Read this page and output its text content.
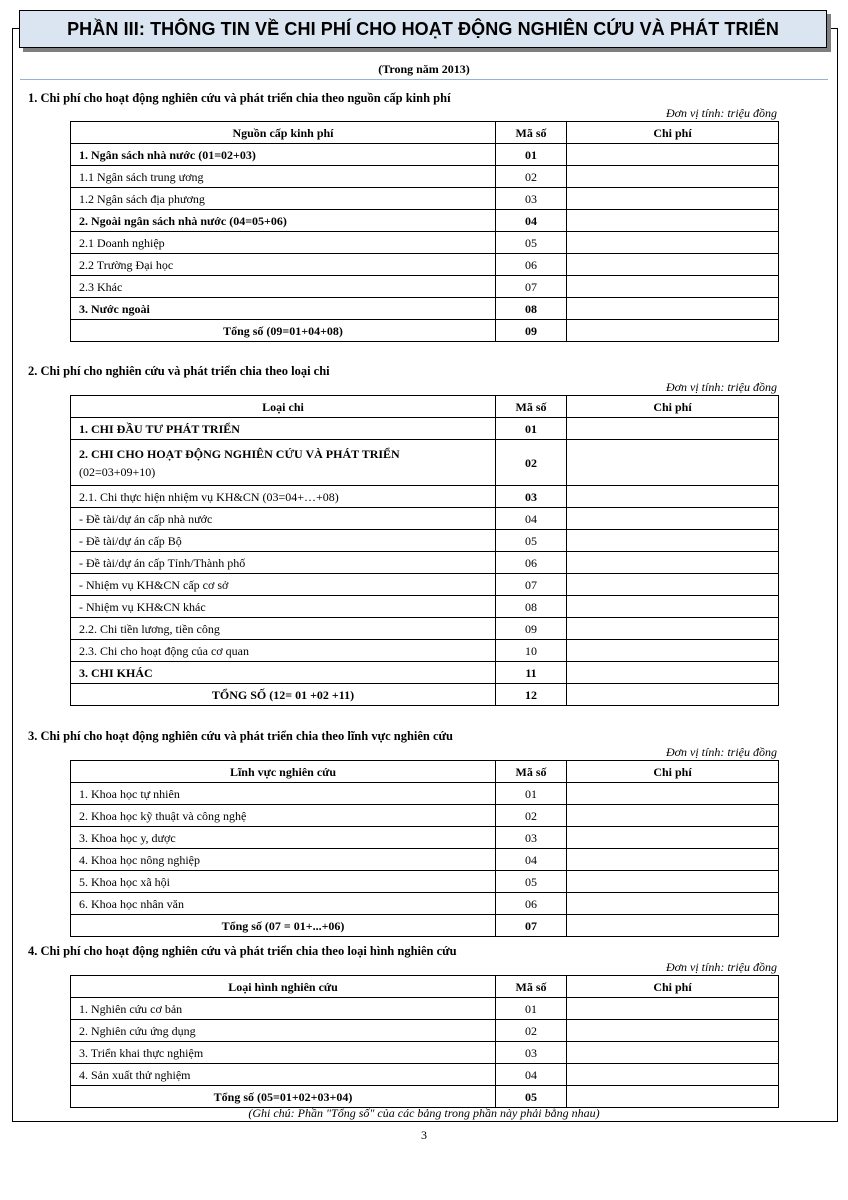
PHẦN III: THÔNG TIN VỀ CHI PHÍ CHO HOẠT ĐỘNG NGHIÊN CỨU VÀ PHÁT TRIỂN
(Trong năm 2013)
1. Chi phí cho hoạt động nghiên cứu và phát triển chia theo nguồn cấp kinh phí
Đơn vị tính: triệu đồng
Nguồn cấp kinh phí	Mã số	Chi phí
1. Ngân sách nhà nước (01=02+03)	01	
1.1 Ngân sách trung ương	02	
1.2 Ngân sách địa phương	03	
2. Ngoài ngân sách nhà nước (04=05+06)	04	
2.1 Doanh nghiệp	05	
2.2 Trường Đại học	06	
2.3 Khác	07	
3. Nước ngoài	08	
Tổng số (09=01+04+08)	09	
2. Chi phí cho nghiên cứu và phát triển chia theo loại chi
Đơn vị tính: triệu đồng
Loại chi	Mã số	Chi phí
1. CHI ĐẦU TƯ PHÁT TRIỂN	01	

2. CHI CHO HOẠT ĐỘNG NGHIÊN CỨU VÀ PHÁT TRIỂN
(02=03+09+10)	02	
2.1. Chi thực hiện nhiệm vụ KH&CN (03=04+…+08)	03	
- Đề tài/dự án cấp nhà nước	04	
- Đề tài/dự án cấp Bộ	05	
- Đề tài/dự án cấp Tỉnh/Thành phố	06	
- Nhiệm vụ KH&CN cấp cơ sở	07	
- Nhiệm vụ KH&CN khác	08	
2.2. Chi tiền lương, tiền công	09	
2.3. Chi cho hoạt động của cơ quan	10	
3. CHI KHÁC	11	
TỔNG SỐ (12= 01 +02 +11)	12	
3. Chi phí cho hoạt động nghiên cứu và phát triển chia theo lĩnh vực nghiên cứu
Đơn vị tính: triệu đồng
Lĩnh vực nghiên cứu	Mã số	Chi phí
1. Khoa học tự nhiên	01	
2. Khoa học kỹ thuật và công nghệ	02	
3. Khoa học y, dược	03	
4. Khoa học nông nghiệp	04	
5. Khoa học xã hội	05	
6. Khoa học nhân văn	06	
Tổng số (07 = 01+...+06)	07	
4. Chi phí cho hoạt động nghiên cứu và phát triển chia theo loại hình nghiên cứu
Đơn vị tính: triệu đồng
Loại hình nghiên cứu	Mã số	Chi phí
1. Nghiên cứu cơ bản	01	
2. Nghiên cứu ứng dụng	02	
3. Triển khai thực nghiệm	03	
4. Sản xuất thử nghiệm	04	
Tổng số (05=01+02+03+04)	05	
(Ghi chú: Phần "Tổng số" của các bảng trong phần này phải bằng nhau)
3
